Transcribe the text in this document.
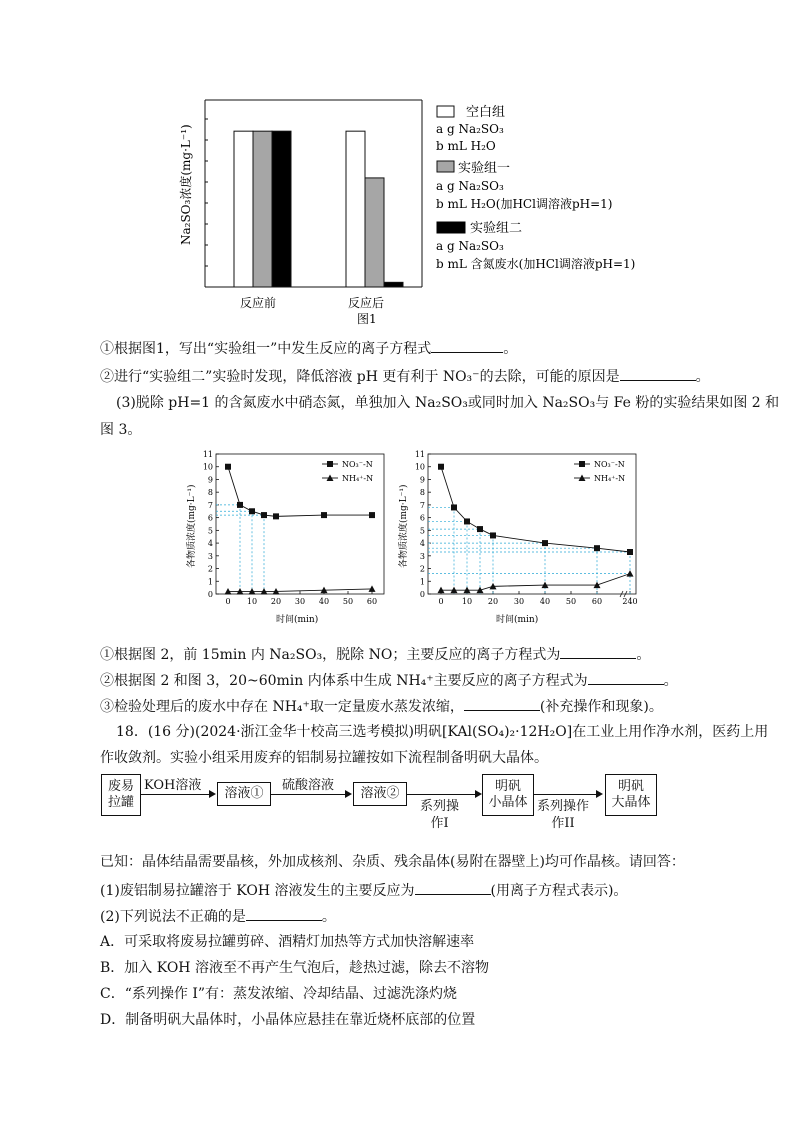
Na₂SO₃浓度(mg·L⁻¹)
反应前	反应后
图1
空白组
a g Na₂SO₃
b mL H₂O
实验组一
a g Na₂SO₃
b mL H₂O(加HCl调溶液pH=1)
实验组二
a g Na₂SO₃
b mL 含氮废水(加HCl调溶液pH=1)
①根据图1，写出“实验组一”中发生反应的离子方程式	。
②进行“实验组二”实验时发现，降低溶液 pH 更有利于 NO₃⁻的去除，可能的原因是	。
(3)脱除 pH=1 的含氮废水中硝态氮，单独加入 Na₂SO₃或同时加入 Na₂SO₃与 Fe 粉的实验结果如图 2 和
图 3。
0
1
2
3
4
5
6
7
8
9
10
11
0 10 20 30 40 50 60
NO₃⁻-N
NH₄⁺-N
各物质浓度(mg·L⁻¹)
时间(min)
0
1
2
3
4
5
6
7
8
9
10
11
0 10 20 30 40 50 60	240
NO₃⁻-N
NH₄⁺-N
各物质浓度(mg·L⁻¹)
时间(min)
①根据图 2，前 15min 内 Na₂SO₃，脱除 NO；主要反应的离子方程式为	。
②根据图 2 和图 3，20~60min 内体系中生成 NH₄⁺主要反应的离子方程式为	。
③检验处理后的废水中存在 NH₄⁺取一定量废水蒸发浓缩，	(补充操作和现象)。
18．(16 分)(2024·浙江金华十校高三选考模拟)明矾[KAl(SO₄)₂·12H₂O]在工业上用作净水剂，医药上用
作收敛剂。实验小组采用废弃的铝制易拉罐按如下流程制备明矾大晶体。
废易
拉罐
KOH溶液
溶液①
硫酸溶液
溶液②
系列操
作I
明矾
小晶体 系列操作
作II
明矾
大晶体
已知：晶体结晶需要晶核，外加成核剂、杂质、残余晶体(易附在器壁上)均可作晶核。请回答：
(1)废铝制易拉罐溶于 KOH 溶液发生的主要反应为	(用离子方程式表示)。
(2)下列说法不正确的是	。
A．可采取将废易拉罐剪碎、酒精灯加热等方式加快溶解速率
B．加入 KOH 溶液至不再产生气泡后，趁热过滤，除去不溶物
C．“系列操作 I”有：蒸发浓缩、冷却结晶、过滤洗涤灼烧
D．制备明矾大晶体时，小晶体应悬挂在靠近烧杯底部的位置
